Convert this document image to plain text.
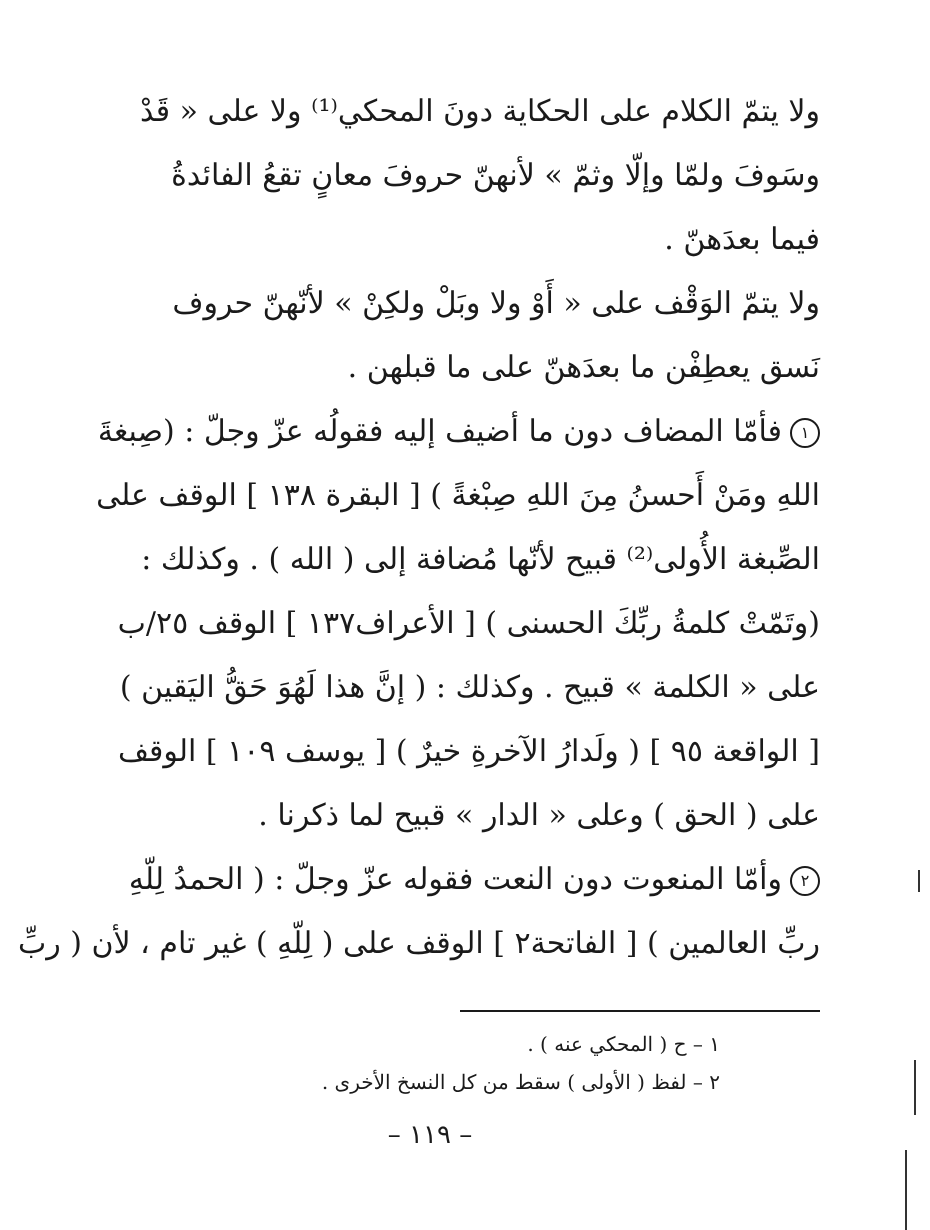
ولا يتمّ الكلام على الحكاية دونَ المحكي⁽¹⁾ ولا على « قَدْ
وسَوفَ ولمّا وإلّا وثمّ » لأنهنّ حروفَ معانٍ تقعُ الفائدةُ
فيما بعدَهنّ .
ولا يتمّ الوَقْف على « أَوْ ولا وبَلْ ولكِنْ » لأنّهنّ حروف
نَسق يعطِفْن ما بعدَهنّ على ما قبلهن .
١فأمّا المضاف دون ما أضيف إليه فقولُه عزّ وجلّ : (صِبغةَ
اللهِ ومَنْ أَحسنُ مِنَ اللهِ صِبْغةً ) [ البقرة ١٣٨ ] الوقف على
الصِّبغة الأُولى⁽²⁾ قبيح لأنّها مُضافة إلى ( الله ) . وكذلك :
(وتَمّتْ كلمةُ ربِّكَ الحسنى ) [ الأعراف١٣٧ ] الوقف ٢٥/ب
على « الكلمة » قبيح . وكذلك : ( إنَّ هذا لَهُوَ حَقُّ اليَقين )
[ الواقعة ٩٥ ] ( ولَدارُ الآخرةِ خيرٌ ) [ يوسف ١٠٩ ] الوقف
على ( الحق ) وعلى « الدار » قبيح لما ذكرنا .
٢وأمّا المنعوت دون النعت فقوله عزّ وجلّ : ( الحمدُ لِلّهِ
ربِّ العالمين ) [ الفاتحة٢ ] الوقف على ( لِلّهِ ) غير تام ، لأن ( ربِّ
١ – ح ( المحكي عنه ) .
٢ – لفظ ( الأولى ) سقط من كل النسخ الأخرى .
– ١١٩ –
